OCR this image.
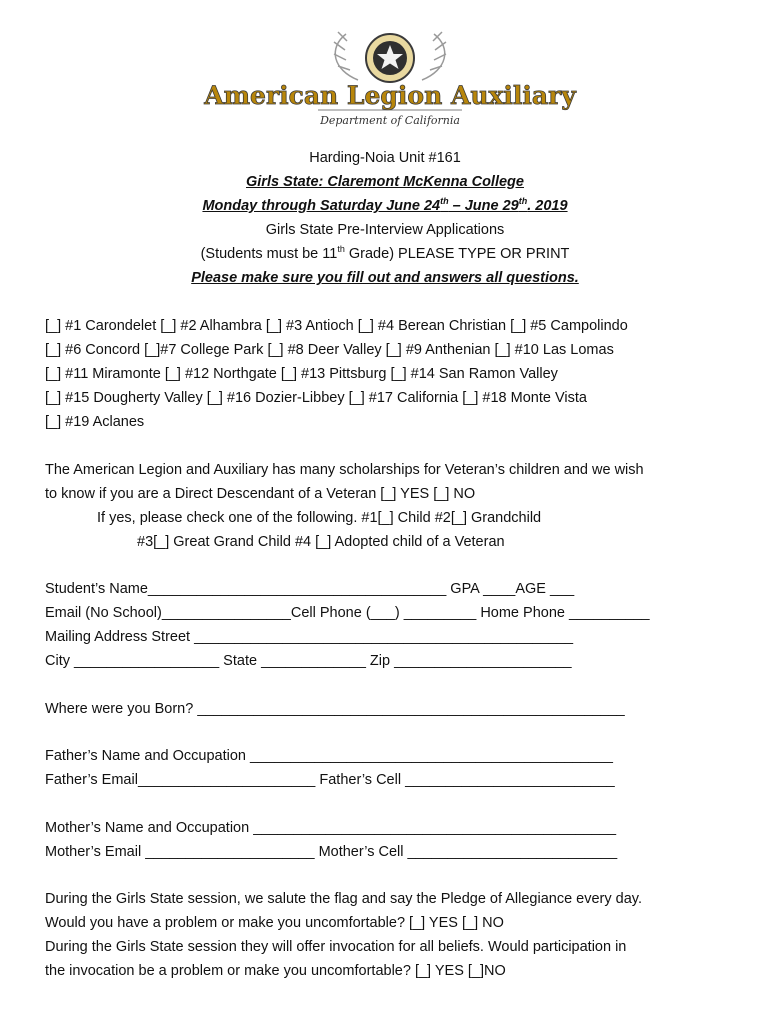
American Legion Auxiliary
Department of California
Harding-Noia Unit #161
Girls State: Claremont McKenna College
Monday through Saturday June 24th – June 29th. 2019
Girls State Pre-Interview Applications
(Students must be 11th Grade) PLEASE TYPE OR PRINT
Please make sure you fill out and answers all questions.
[_] #1 Carondelet [_] #2 Alhambra [_] #3 Antioch [_] #4 Berean Christian [_] #5 Campolindo
[_] #6 Concord [_]#7 College Park [_] #8 Deer Valley [_] #9 Anthenian [_] #10 Las Lomas
[_] #11 Miramonte [_] #12 Northgate [_] #13 Pittsburg [_] #14 San Ramon Valley
[_] #15 Dougherty Valley [_] #16 Dozier-Libbey [_] #17 California [_] #18 Monte Vista
[_] #19 Aclanes
The American Legion and Auxiliary has many scholarships for Veteran’s children and we wish
to know if you are a Direct Descendant of a Veteran [_] YES [_] NO
If yes, please check one of the following. #1[_] Child #2[_] Grandchild
#3[_] Great Grand Child #4 [_] Adopted child of a Veteran
Student’s Name_____________________________________ GPA ____AGE ___
Email (No School)________________Cell Phone (___) _________ Home Phone __________
Mailing Address Street _______________________________________________
City __________________ State _____________ Zip ______________________
Where were you Born? _____________________________________________________
Father’s Name and Occupation _____________________________________________
Father’s Email______________________ Father’s Cell __________________________
Mother’s Name and Occupation _____________________________________________
Mother’s Email _____________________ Mother’s Cell __________________________
During the Girls State session, we salute the flag and say the Pledge of Allegiance every day.
Would you have a problem or make you uncomfortable? [_] YES [_] NO
During the Girls State session they will offer invocation for all beliefs. Would participation in
the invocation be a problem or make you uncomfortable? [_] YES [_]NO
